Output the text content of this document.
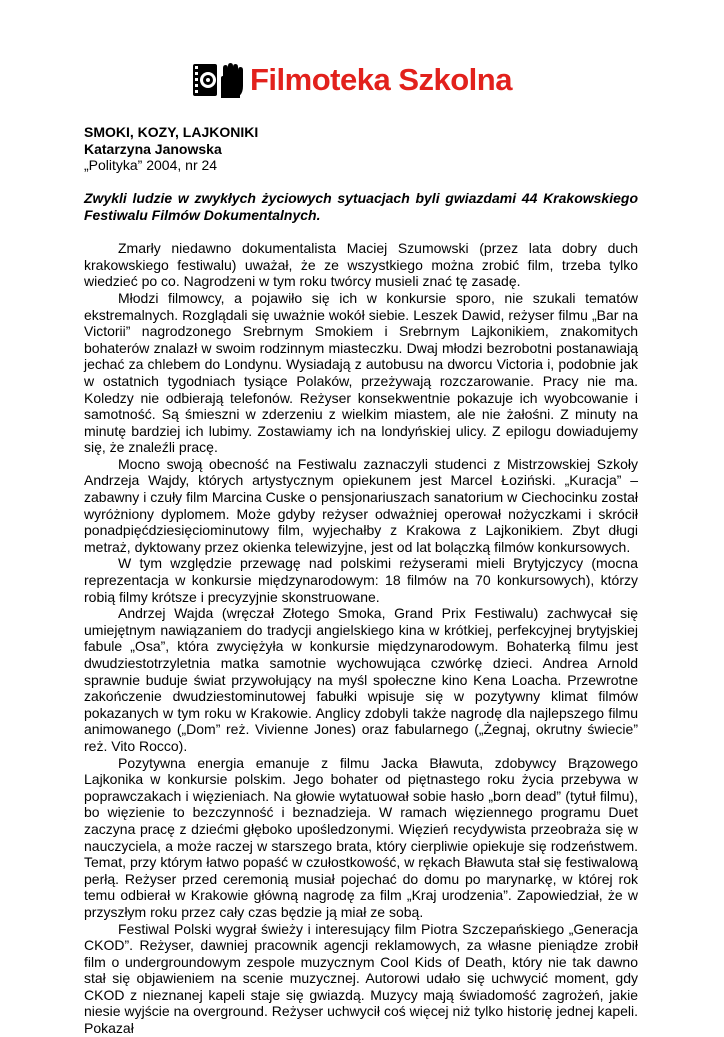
Filmoteka Szkolna
SMOKI, KOZY, LAJKONIKI
Katarzyna Janowska
„Polityka” 2004, nr 24
Zwykli ludzie w zwykłych życiowych sytuacjach byli gwiazdami 44 Krakowskiego Festiwalu Filmów Dokumentalnych.

Zmarły niedawno dokumentalista Maciej Szumowski (przez lata dobry duch krakowskiego festiwalu) uważał, że ze wszystkiego można zrobić film, trzeba tylko wiedzieć po co. Nagrodzeni w tym roku twórcy musieli znać tę zasadę.

Młodzi filmowcy, a pojawiło się ich w konkursie sporo, nie szukali tematów ekstremalnych. Rozglądali się uważnie wokół siebie. Leszek Dawid, reżyser filmu „Bar na Victorii” nagrodzonego Srebrnym Smokiem i Srebrnym Lajkonikiem, znakomitych bohaterów znalazł w swoim rodzinnym miasteczku. Dwaj młodzi bezrobotni postanawiają jechać za chlebem do Londynu. Wysiadają z autobusu na dworcu Victoria i, podobnie jak w ostatnich tygodniach tysiące Polaków, przeżywają rozczarowanie. Pracy nie ma. Koledzy nie odbierają telefonów. Reżyser konsekwentnie pokazuje ich wyobcowanie i samotność. Są śmieszni w zderzeniu z wielkim miastem, ale nie żałośni. Z minuty na minutę bardziej ich lubimy. Zostawiamy ich na londyńskiej ulicy. Z epilogu dowiadujemy się, że znaleźli pracę.

Mocno swoją obecność na Festiwalu zaznaczyli studenci z Mistrzowskiej Szkoły Andrzeja Wajdy, których artystycznym opiekunem jest Marcel Łoziński. „Kuracja” – zabawny i czuły film Marcina Cuske o pensjonariuszach sanatorium w Ciechocinku został wyróżniony dyplomem. Może gdyby reżyser odważniej operował nożyczkami i skrócił ponadpięćdziesięciominutowy film, wyjechałby z Krakowa z Lajkonikiem. Zbyt długi metraż, dyktowany przez okienka telewizyjne, jest od lat bolączką filmów konkursowych.

W tym względzie przewagę nad polskimi reżyserami mieli Brytyjczycy (mocna reprezentacja w konkursie międzynarodowym: 18 filmów na 70 konkursowych), którzy robią filmy krótsze i precyzyjnie skonstruowane.

Andrzej Wajda (wręczał Złotego Smoka, Grand Prix Festiwalu) zachwycał się umiejętnym nawiązaniem do tradycji angielskiego kina w krótkiej, perfekcyjnej brytyjskiej fabule „Osa”, która zwyciężyła w konkursie międzynarodowym. Bohaterką filmu jest dwudziestotrzyletnia matka samotnie wychowująca czwórkę dzieci. Andrea Arnold sprawnie buduje świat przywołujący na myśl społeczne kino Kena Loacha. Przewrotne zakończenie dwudziestominutowej fabułki wpisuje się w pozytywny klimat filmów pokazanych w tym roku w Krakowie. Anglicy zdobyli także nagrodę dla najlepszego filmu animowanego („Dom” reż. Vivienne Jones) oraz fabularnego („Żegnaj, okrutny świecie” reż. Vito Rocco).

Pozytywna energia emanuje z filmu Jacka Bławuta, zdobywcy Brązowego Lajkonika w konkursie polskim. Jego bohater od piętnastego roku życia przebywa w poprawczakach i więzieniach. Na głowie wytatuował sobie hasło „born dead” (tytuł filmu), bo więzienie to bezczynność i beznadzieja. W ramach więziennego programu Duet zaczyna pracę z dziećmi głęboko upośledzonymi. Więzień recydywista przeobraża się w nauczyciela, a może raczej w starszego brata, który cierpliwie opiekuje się rodzeństwem. Temat, przy którym łatwo popaść w czułostkowość, w rękach Bławuta stał się festiwalową perłą. Reżyser przed ceremonią musiał pojechać do domu po marynarkę, w której rok temu odbierał w Krakowie główną nagrodę za film „Kraj urodzenia”. Zapowiedział, że w przyszłym roku przez cały czas będzie ją miał ze sobą.

Festiwal Polski wygrał świeży i interesujący film Piotra Szczepańskiego „Generacja CKOD”. Reżyser, dawniej pracownik agencji reklamowych, za własne pieniądze zrobił film o undergroundowym zespole muzycznym Cool Kids of Death, który nie tak dawno stał się objawieniem na scenie muzycznej. Autorowi udało się uchwycić moment, gdy CKOD z nieznanej kapeli staje się gwiazdą. Muzycy mają świadomość zagrożeń, jakie niesie wyjście na overground. Reżyser uchwycił coś więcej niż tylko historię jednej kapeli. Pokazał
